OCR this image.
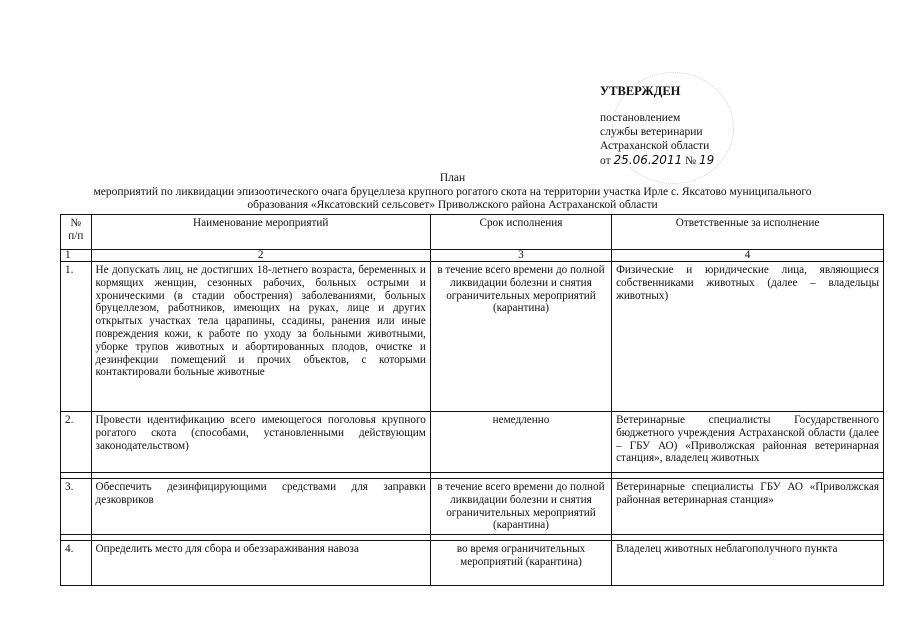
УТВЕРЖДЕН
постановлением
службы ветеринарии
Астраханской области
от 25.06.2011 № 19
План
мероприятий по ликвидации эпизоотического очага бруцеллеза крупного рогатого скота на территории участка Ирле с. Яксатово муниципального образования «Яксатовский сельсовет» Приволжского района Астраханской области
№ п/п	Наименование мероприятий	Срок исполнения	Ответственные за исполнение
1	2	3	4
1.	Не допускать лиц, не достигших 18-летнего возраста, беременных и кормящих женщин, сезонных рабочих, больных острыми и хроническими (в стадии обострения) заболеваниями, больных бруцеллезом, работников, имеющих на руках, лице и других открытых участках тела царапины, ссадины, ранения или иные повреждения кожи, к работе по уходу за больными животными, уборке трупов животных и абортированных плодов, очистке и дезинфекции помещений и прочих объектов, с которыми контактировали больные животные	в течение всего времени до полной ликвидации болезни и снятия ограничительных мероприятий (карантина)	Физические и юридические лица, являющиеся собственниками животных (далее – владельцы животных)
2.	Провести идентификацию всего имеющегося поголовья крупного рогатого скота (способами, установленными действующим законодательством)	немедленно	Ветеринарные специалисты Государственного бюджетного учреждения Астраханской области (далее – ГБУ АО) «Приволжская районная ветеринарная станция», владелец животных

3.	Обеспечить дезинфицирующими средствами для заправки дезковриков	в течение всего времени до полной ликвидации болезни и снятия ограничительных мероприятий (карантина)	Ветеринарные специалисты ГБУ АО «Приволжская районная ветеринарная станция»

4.	Определить место для сбора и обеззараживания навоза	во время ограничительных мероприятий (карантина)	Владелец животных неблагополучного пункта
